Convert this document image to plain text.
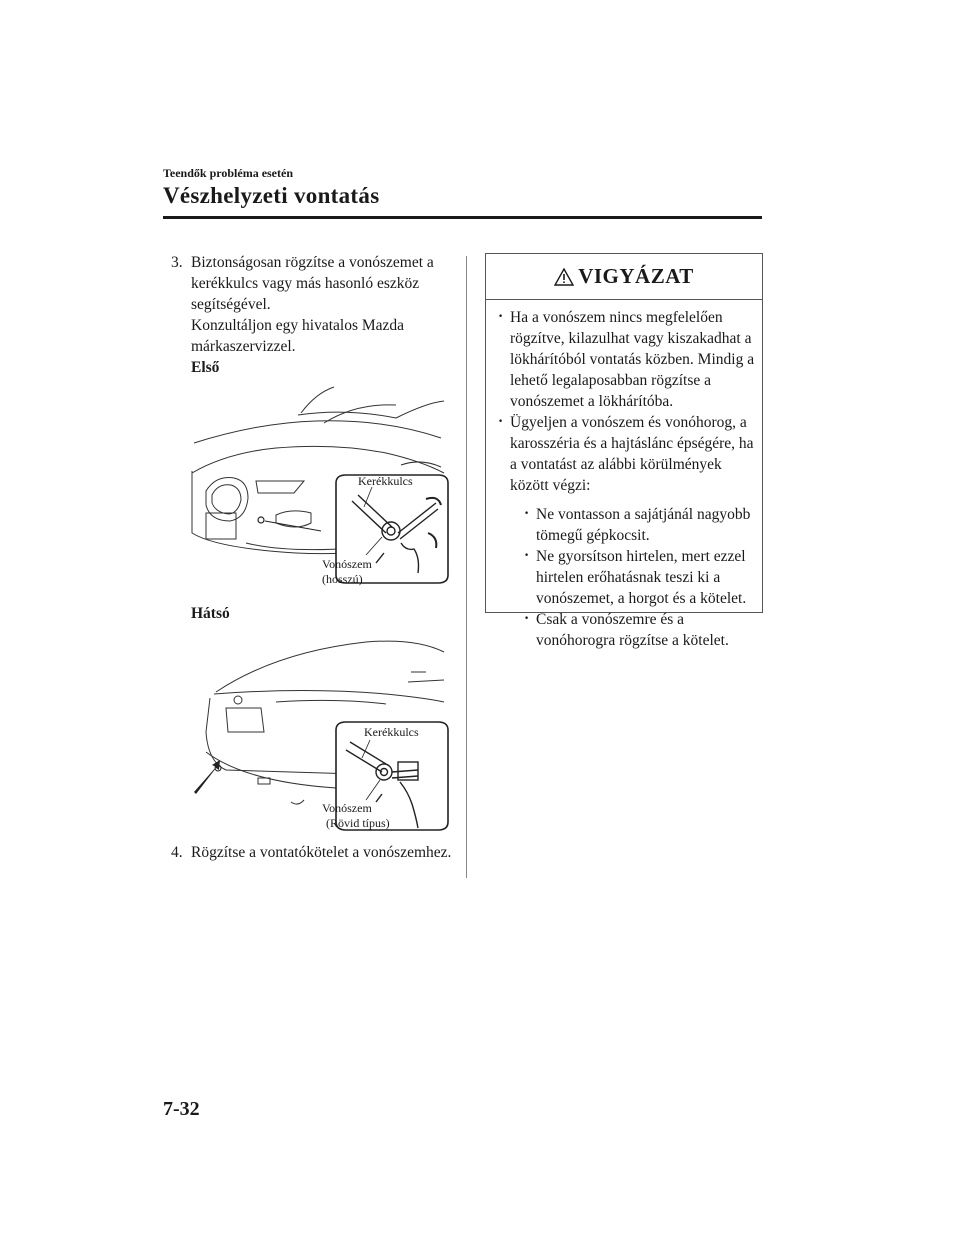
Teendők probléma esetén
Vészhelyzeti vontatás
3. Biztonságosan rögzítse a vonószemet a kerékkulcs vagy más hasonló eszköz segítségével.

Konzultáljon egy hivatalos Mazda márkaszervizzel.

Első

Kerékkulcs
Vonószem
(hosszú)
Hátsó
Kerékkulcs
Vonószem
(Rövid típus)
4. Rögzítse a vontatókötelet a vonószemhez.

VIGYÁZAT
· Ha a vonószem nincs megfelelően rögzítve, kilazulhat vagy kiszakadhat a lökhárítóból vontatás közben. Mindig a lehető legalaposabban rögzítse a vonószemet a lökhárítóba.
· Ügyeljen a vonószem és vonóhorog, a karosszéria és a hajtáslánc épségére, ha a vontatást az alábbi körülmények között végzi:
· Ne vontasson a sajátjánál nagyobb tömegű gépkocsit.
· Ne gyorsítson hirtelen, mert ezzel hirtelen erőhatásnak teszi ki a vonószemet, a horgot és a kötelet.
· Csak a vonószemre és a vonóhorogra rögzítse a kötelet.
7-32
